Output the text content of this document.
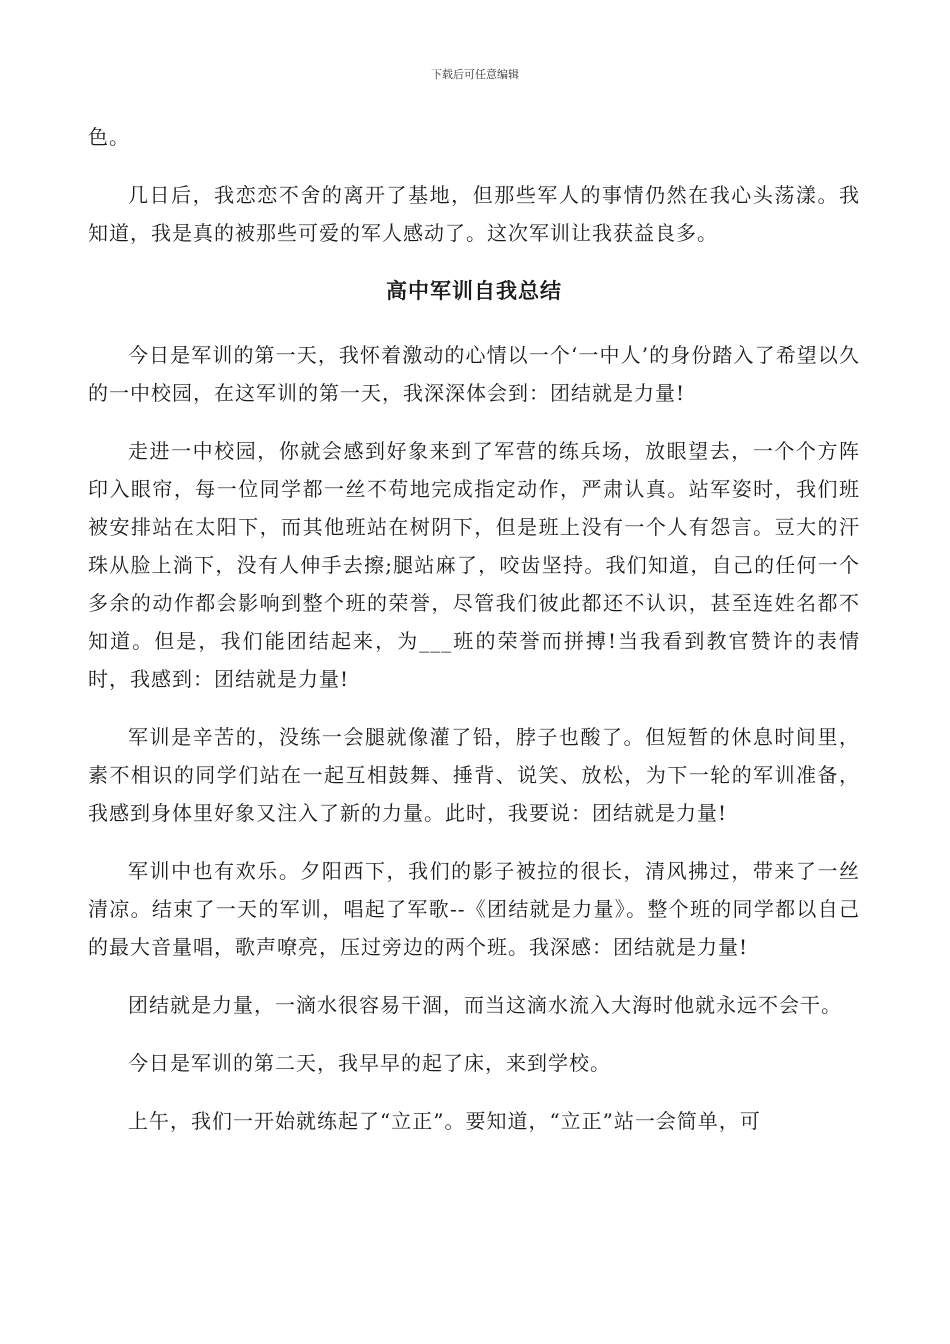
下载后可任意编辑

色。

几日后，我恋恋不舍的离开了基地，但那些军人的事情仍然在我心头荡漾。我知道，我是真的被那些可爱的军人感动了。这次军训让我获益良多。

高中军训自我总结

今日是军训的第一天，我怀着激动的心情以一个‘一中人’的身份踏入了希望以久的一中校园，在这军训的第一天，我深深体会到：团结就是力量!

走进一中校园，你就会感到好象来到了军营的练兵场，放眼望去，一个个方阵印入眼帘，每一位同学都一丝不苟地完成指定动作，严肃认真。站军姿时，我们班被安排站在太阳下，而其他班站在树阴下，但是班上没有一个人有怨言。豆大的汗珠从脸上淌下，没有人伸手去擦;腿站麻了，咬齿坚持。我们知道，自己的任何一个多余的动作都会影响到整个班的荣誉，尽管我们彼此都还不认识，甚至连姓名都不知道。但是，我们能团结起来，为___班的荣誉而拼搏!当我看到教官赞许的表情时，我感到：团结就是力量!

军训是辛苦的，没练一会腿就像灌了铅，脖子也酸了。但短暂的休息时间里，素不相识的同学们站在一起互相鼓舞、捶背、说笑、放松，为下一轮的军训准备，我感到身体里好象又注入了新的力量。此时，我要说：团结就是力量!

军训中也有欢乐。夕阳西下，我们的影子被拉的很长，清风拂过，带来了一丝清凉。结束了一天的军训，唱起了军歌--《团结就是力量》。整个班的同学都以自己的最大音量唱，歌声嘹亮，压过旁边的两个班。我深感：团结就是力量!

团结就是力量，一滴水很容易干涸，而当这滴水流入大海时他就永远不会干。

今日是军训的第二天，我早早的起了床，来到学校。

上午，我们一开始就练起了“立正”。要知道，“立正”站一会简单，可
